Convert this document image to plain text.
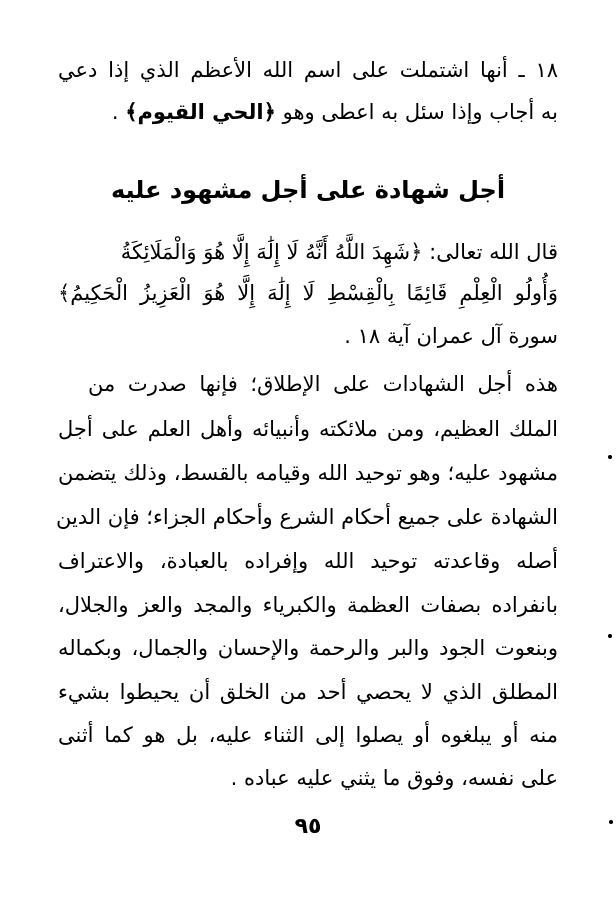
١٨ ـ أنها اشتملت على اسم الله الأعظم الذي إذا دعي
به أجاب وإذا سئل به اعطى وهو ﴿الحي القيوم﴾ .
أجل شهادة على أجل مشهود عليه
قال الله تعالى: ﴿شَهِدَ اللَّهُ أَنَّهُ لَا إِلَٰهَ إِلَّا هُوَ وَالْمَلَائِكَةُ
وَأُولُو الْعِلْمِ قَائِمًا بِالْقِسْطِ لَا إِلَٰهَ إِلَّا هُوَ الْعَزِيزُ الْحَكِيمُ﴾
سورة آل عمران آية ١٨ .
هذه أجل الشهادات على الإطلاق؛ فإنها صدرت من
الملك العظيم، ومن ملائكته وأنبيائه وأهل العلم على أجل
مشهود عليه؛ وهو توحيد الله وقيامه بالقسط، وذلك يتضمن
الشهادة على جميع أحكام الشرع وأحكام الجزاء؛ فإن الدين
أصله وقاعدته توحيد الله وإفراده بالعبادة، والاعتراف
بانفراده بصفات العظمة والكبرياء والمجد والعز والجلال،
وبنعوت الجود والبر والرحمة والإحسان والجمال، وبكماله
المطلق الذي لا يحصي أحد من الخلق أن يحيطوا بشيء
منه أو يبلغوه أو يصلوا إلى الثناء عليه، بل هو كما أثنى
على نفسه، وفوق ما يثني عليه عباده .
٩٥
